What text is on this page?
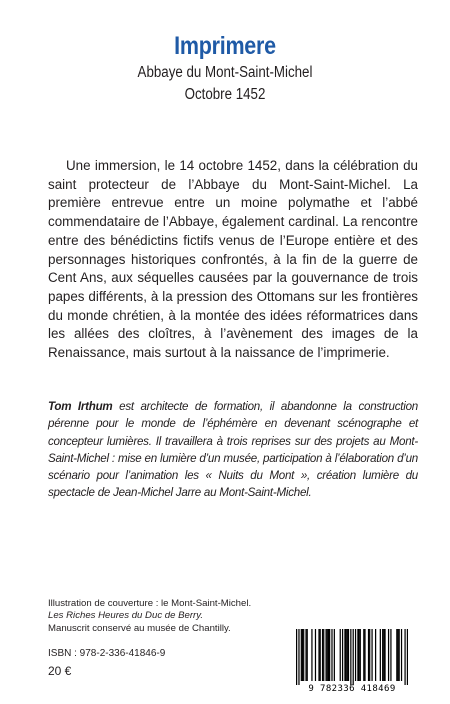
Imprimere
Abbaye du Mont-Saint-Michel
Octobre 1452

Une immersion, le 14 octobre 1452, dans la célébration du saint protecteur de l’Abbaye du Mont-Saint-Michel. La première entrevue entre un moine polymathe et l’abbé commendataire de l’Abbaye, également cardinal. La rencontre entre des bénédictins fictifs venus de l’Europe entière et des personnages historiques confrontés, à la fin de la guerre de Cent Ans, aux séquelles causées par la gouvernance de trois papes différents, à la pression des Ottomans sur les frontières du monde chrétien, à la montée des idées réformatrices dans les allées des cloîtres, à l’avènement des images de la Renaissance, mais surtout à la naissance de l’imprimerie.

Tom Irthum est architecte de formation, il abandonne la construction pérenne pour le monde de l’éphémère en devenant scénographe et concepteur lumières. Il travaillera à trois reprises sur des projets au Mont-Saint-Michel : mise en lumière d’un musée, participation à l’élaboration d’un scénario pour l’animation les « Nuits du Mont », création lumière du spectacle de Jean-Michel Jarre au Mont-Saint-Michel.

Illustration de couverture : le Mont-Saint-Michel.
Les Riches Heures du Duc de Berry.
Manuscrit conservé au musée de Chantilly.
ISBN : 978-2-336-41846-9
20 €
9 782336 418469
